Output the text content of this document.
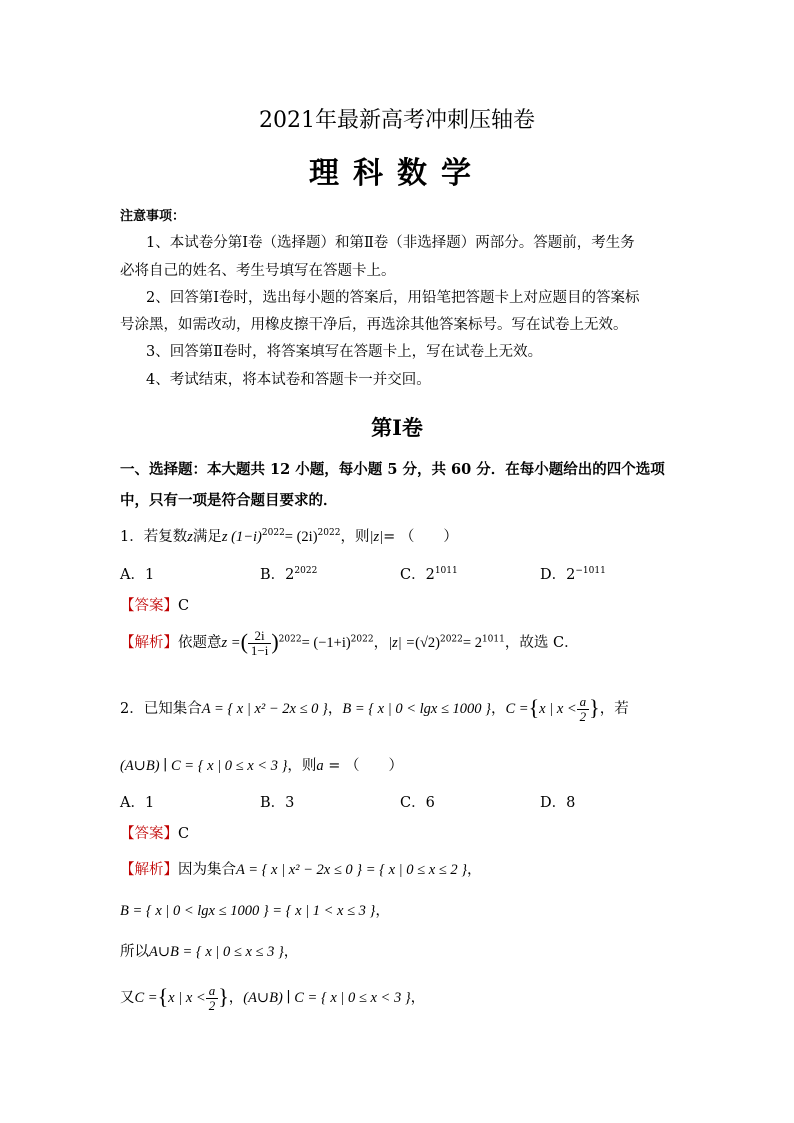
2021年最新高考冲刺压轴卷
理科数学
注意事项：
1、本试卷分第Ⅰ卷（选择题）和第Ⅱ卷（非选择题）两部分。答题前，考生务
必将自己的姓名、考生号填写在答题卡上。
2、回答第Ⅰ卷时，选出每小题的答案后，用铅笔把答题卡上对应题目的答案标
号涂黑，如需改动，用橡皮擦干净后，再选涂其他答案标号。写在试卷上无效。
3、回答第Ⅱ卷时，将答案填写在答题卡上，写在试卷上无效。
4、考试结束，将本试卷和答题卡一并交回。
第Ⅰ卷
一、选择题：本大题共 12 小题，每小题 5 分，共 60 分．在每小题给出的四个选项
中，只有一项是符合题目要求的．
1．若复数z满足z $(1-i)^{2022}= (2i)^{2022}$，则|z|= （　　）
A．1	B．$2^{2022}$	C．$2^{1011}$	D．$2^{-1011}$
【答案】C
【解析】依题意z =( $\frac{2i}{1-i} )^{2022}= (-1+i)^{2022}$，$|z| =(√2)^{2022}= 2^{1011}$，故选 C．
2．已知集合A = { x | x² − 2x ≤ 0 }，B = { x | 0 < lgx ≤ 1000 }，C ={x | $x < \frac{a}{2}$ }，若
(A∪B) ∣ C = { x | 0 ≤ x < 3 }，则a = （　　）
A．1	B．3	C．6	D．8
【答案】C
【解析】因为集合A = { x | x² − 2x ≤ 0 } = { x | 0 ≤ x ≤ 2 }，
B = { x | 0 < lgx ≤ 1000 } = { x | 1 < x ≤ 3 }，
所以A∪B = { x | 0 ≤ x ≤ 3 }，
又C ={x | $x < \frac{a}{2}$ }，(A∪B) ∣ C = { x | 0 ≤ x < 3 }，
